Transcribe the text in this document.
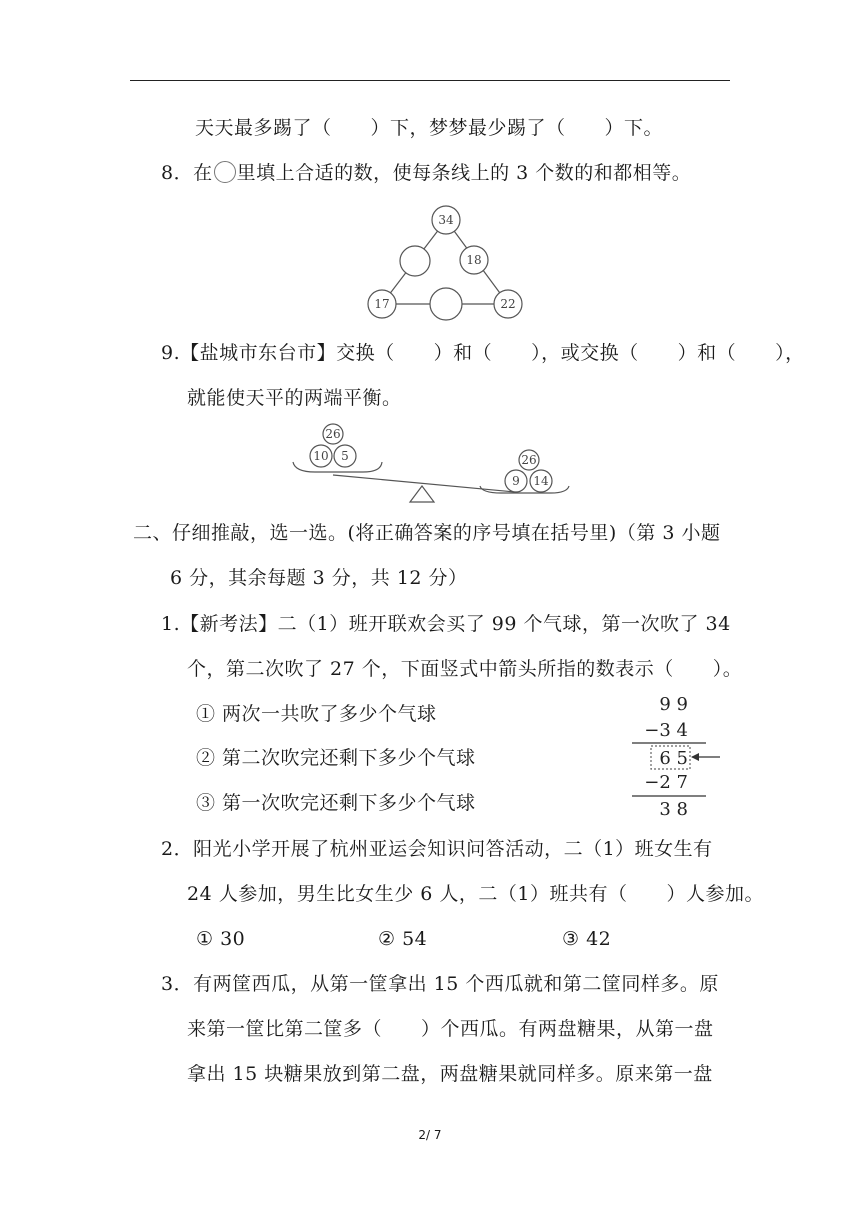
天天最多踢了（　　）下，梦梦最少踢了（　　）下。
8．在 里填上合适的数，使每条线上的 3 个数的和都相等。
34
18
17	22
9.【盐城市东台市】交换（　　）和（　　），或交换（　　）和（　　），
就能使天平的两端平衡。
26
10 5	26
9 14
二、仔细推敲，选一选。(将正确答案的序号填在括号里)（第 3 小题
6 分，其余每题 3 分，共 12 分）
1.【新考法】二（1）班开联欢会买了 99 个气球，第一次吹了 34
个，第二次吹了 27 个，下面竖式中箭头所指的数表示（　　）。
① 两次一共吹了多少个气球
② 第二次吹完还剩下多少个气球
③ 第一次吹完还剩下多少个气球
9 9
−3 4
6 5
−2 7
3 8
2．阳光小学开展了杭州亚运会知识问答活动，二（1）班女生有
24 人参加，男生比女生少 6 人，二（1）班共有（　　）人参加。
① 30	② 54	③ 42
3．有两筐西瓜，从第一筐拿出 15 个西瓜就和第二筐同样多。原
来第一筐比第二筐多（　　）个西瓜。有两盘糖果，从第一盘
拿出 15 块糖果放到第二盘，两盘糖果就同样多。原来第一盘
2/ 7
